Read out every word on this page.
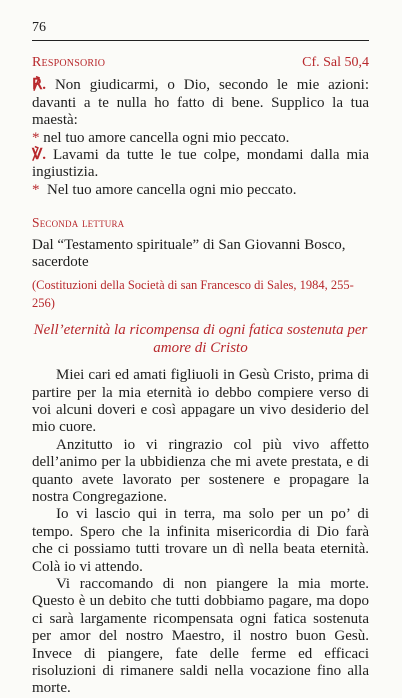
76
Responsorio	Cf. Sal 50,4

℟. Non giudicarmi, o Dio, secondo le mie azioni: davanti a te nulla ho fatto di bene. Supplico la tua maestà:

* nel tuo amore cancella ogni mio peccato.

℣. Lavami da tutte le tue colpe, mondami dalla mia ingiustizia.

*  Nel tuo amore cancella ogni mio peccato.

Seconda lettura

Dal “Testamento spirituale” di San Giovanni Bosco, sacerdote

(Costituzioni della Società di san Francesco di Sales, 1984, 255-256)

Nell’eternità la ricompensa di ogni fatica sostenuta per amore di Cristo

Miei cari ed amati figliuoli in Gesù Cristo, prima di partire per la mia eternità io debbo compiere verso di voi alcuni doveri e così appagare un vivo desiderio del mio cuore.

Anzitutto io vi ringrazio col più vivo affetto dell’animo per la ubbidienza che mi avete prestata, e di quanto avete lavorato per sostenere e propagare la nostra Congregazione.

Io vi lascio qui in terra, ma solo per un po’ di tempo. Spero che la infinita misericordia di Dio farà che ci possiamo tutti trovare un dì nella beata eternità. Colà io vi attendo.

Vi raccomando di non piangere la mia morte. Questo è un debito che tutti dobbiamo pagare, ma dopo ci sarà largamente ricompensata ogni fatica sostenuta per amor del nostro Maestro, il nostro buon Gesù. Invece di piangere, fate delle ferme ed efficaci risoluzioni di rimanere saldi nella vocazione fino alla morte.
